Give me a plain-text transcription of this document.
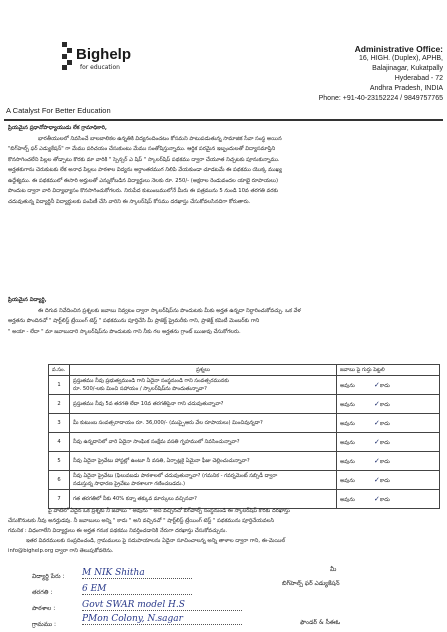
Bighelp
for education
A Catalyst For Better Education
Administrative Office:
16, HIGH. (Duplex), APHB,
Balajinagar, Kukatpally
Hyderabad - 72
Andhra Pradesh, INDIA
Phone: +91-40-23152224 / 9849757765
ప్రియమైన ప్రధానోపాధ్యాయుడు లేక గ్రామాధికారి,
భారతీయులలో నివసించే బాలబాలికల ఉన్నతికి విద్యనందించటం కోసమని పాటుపడుతున్న సామాజిక సేవా సంస్థ అయిన
"బిగ్‌హెల్ప్ ఫర్ ఎడ్యుకేషన్" గా మేము పరిచయం చేసుకుంటు మేము సంతోషిస్తున్నాము. ఆర్థిక పరమైన ఇబ్బందులతో విద్యాసమాప్తిని
కొనసాగించలేని పిల్లల తోడ్పాటు కొరకు మా వారికి " స్పెన్సర్ ఎ షిప్ " స్కాలర్‌షిప్ పథకము ద్వారా చేయూత నిచ్చటకు పూనుకున్నాము.
అర్హతకుగాను చెరుకుటకు లేక అనాధ పిల్లలు పాఠశాల విద్యను అర్ధాంతరముగ నిలిపి వేయకుండా చూడటమే ఈ పథకము యొక్క ముఖ్య
ఉద్దేశ్యము. ఈ పథకములో ఈసారి అర్హులతో ఎన్నుకోబడిన విద్యార్థులు నెలకు రూ. 250/- (అక్షరాల రెండువందల యాభై రూపాయలు)
పొందుట ద్వారా వారి విద్యాభ్యాసం కొనసాగించుకోగలరు. నిరుపేద కుటుంబములోనే మీరు ఈ పత్రమును 5 నుండి 10వ తరగతి వరకు
చదువుతున్న విద్యార్థినీ విద్యార్థులకు పంపిణీ చేసి వారిని ఈ స్కాలర్‌షిప్ కోసము దరఖాస్తు చేసుకోవలసినదిగా కోరుతారు.
ప్రియమైన విద్యార్థి,
ఈ దిగువ నివేదించిన ప్రశ్నలకు జవాబు నివ్వటం ద్వారా స్కాలర్‌షిప్‌ను పొందుటకు మీకు అర్హత ఉన్నదా నిర్ధారించుకోవచ్చు. ఒక వేళ
అర్హతను పొందినచో " షార్ట్‌లిస్ట్ ట్రేయింగ్ టెస్ట్ " పథకమును పూర్తిచేసి మీ ప్రాజెక్ట్ ప్రైమరీకు గాని, ప్రాజెక్ట్ కమిటీ మెంబర్‌కు గాని
" అయా - లేదా " మా జవాబుదారి స్కాలర్‌షిప్‌ను పొందుటకు గాని నీకు గల అర్హతను గ్రాంట్ ఋజువు చేసుకోగలరు.
వ.సం.	ప్రశ్నలు	జవాబు పై గుర్తు పెట్టలి
1	ప్రస్తుతము నీవు ప్రభుత్వముండి గాని ఏదైనా సంస్థనుండి గాని సంవత్సరమునకు
రూ. 500/-లకు మించి సహాయం / స్కాలర్‌షిప్‌ను పొందుతున్నావా?	అవును ✓కాదు
2	ప్రస్తుతము నీవు 5వ తరగతి లేదా 10వ తరగతిపైనా గాని చదువుతున్నావా?	అవును ✓కాదు
3	మీ కుటుంబ సంవత్సరాదాయం రూ. 36,000/- (ముప్పైఆరు వేల రూపాయలు) మించివున్నదా?	అవును ✓కాదు
4	నీవు ఉన్నదానిలో వారి ఏదైనా సాంఘిక సంక్షేమ వసతి గృహములో నివసించున్నావా?	అవును ✓కాదు
5	నీవు ఏదైనా ప్రైవేటు హాస్టల్లో ఉంటూ నీ వసతి, ఏర్పాట్లకై ఏమైనా ఫీజు చెల్లించుచున్నావా?	అవును ✓కాదు
6	నీవు ఏదైనా ప్రైవేటు (ఫిలువబడు పాఠశాలలో చదువుతున్నావా? (గమనిక - గవర్నమెంట్ సబ్సిడీ ద్వారా
నడుస్తున్న సాధారణ ప్రైవేటు పాఠశాలగా గణించబడదు.)	అవును ✓కాదు
7	గత తరగతిలో నీకు 40% కన్నా తక్కువ మార్కులు వచ్చినవా?	అవును ✓కాదు
పై వాటిలో ఏదైన ఒక ప్రశ్నకు నీ జవాబు " అవును " అని వచ్చినచో బిగ్‌హెల్ప్ సంస్థనుండి ఈ స్కాలర్‌షిప్ కొరకు దరఖాస్తు
చేసుకొనుటకు నీవు అనర్హుడవు. నీ జవాబులు అన్ని " కాదు " అని వచ్చినచో " షార్ట్‌లిస్ట్ ట్రేయింగ్ టెస్ట్ " పథకమును పూర్తిచేయవలసి
గమనిక : విధంగాలేని విద్యార్థులు ఈ అర్హత గనుక పథకము నివర్తించడానికి నేరుగా దరఖాస్తు చేసుకోవచ్చును.
ఇతర వివరములకు సంప్రదించండి, గ్రామములు పై సదుపాయాలను ఏదైనా సూచించాలన్న అన్ని తాళాల ద్వారా గాని, ఈ-మెయిల్
info@bighelp.org ద్వారా గాని తెలుపుకోవలెను.
విద్యార్థి పేరు : M NIK Shitha
తరగతి :	6 EM
పాఠశాల :	Govt SWAR model H.S
గ్రామము :
PMon Colony, N.sagar
మీ
బిగ్‌హెల్ప్ ఫర్ ఎడ్యుకేషన్
ఫౌండర్ & సీఈఓ
